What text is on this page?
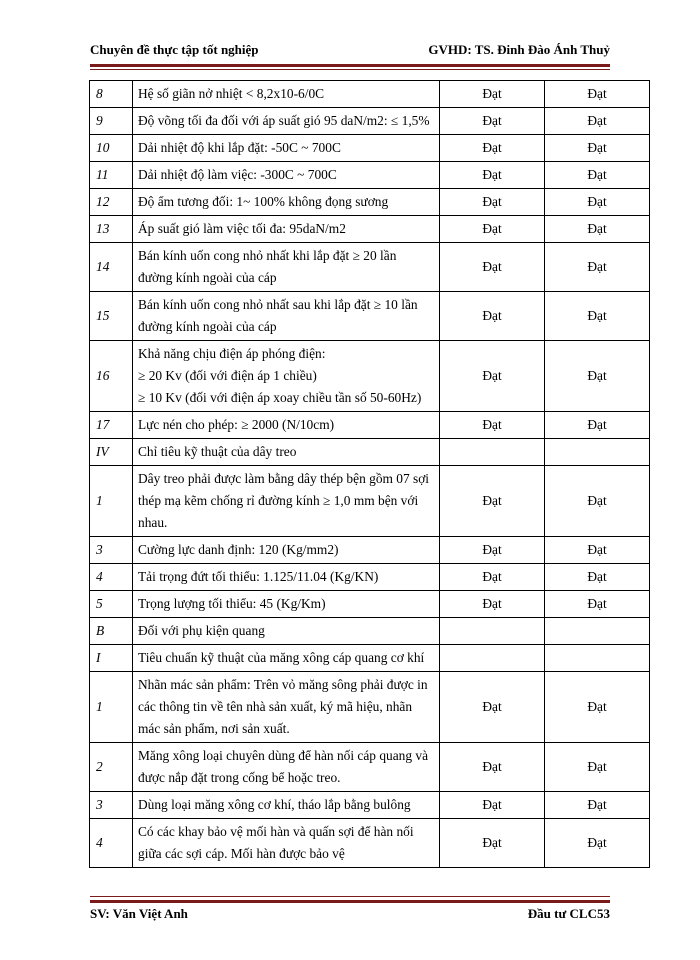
Chuyên đề thực tập tốt nghiệp	GVHD: TS. Đinh Đào Ánh Thuỷ
8	Hệ số giãn nở nhiệt < 8,2x10-6/0C	Đạt	Đạt
9	Độ võng tối đa đối với áp suất gió 95 daN/m2: ≤ 1,5%	Đạt	Đạt
10	Dải nhiệt độ khi lắp đặt: -50C ~ 700C	Đạt	Đạt
11	Dải nhiệt độ làm việc: -300C ~ 700C	Đạt	Đạt
12	Độ ẩm tương đối: 1~ 100% không đọng sương	Đạt	Đạt
13	Áp suất gió làm việc tối đa: 95daN/m2	Đạt	Đạt
14	Bán kính uốn cong nhỏ nhất khi lắp đặt ≥ 20 lần đường kính ngoài của cáp	Đạt	Đạt
15	Bán kính uốn cong nhỏ nhất sau khi lắp đặt ≥ 10 lần đường kính ngoài của cáp	Đạt	Đạt
16	Khả năng chịu điện áp phóng điện:
≥ 20 Kv (đối với điện áp 1 chiều)
≥ 10 Kv (đối với điện áp xoay chiều tần số 50-60Hz)	Đạt	Đạt
17	Lực nén cho phép: ≥ 2000 (N/10cm)	Đạt	Đạt
IV	Chỉ tiêu kỹ thuật của dây treo		
1	Dây treo phải được làm bằng dây thép bện gồm 07 sợi thép mạ kẽm chống rỉ đường kính ≥ 1,0 mm bện với nhau.	Đạt	Đạt
3	Cường lực danh định: 120 (Kg/mm2)	Đạt	Đạt
4	Tải trọng đứt tối thiểu: 1.125/11.04 (Kg/KN)	Đạt	Đạt
5	Trọng lượng tối thiểu: 45 (Kg/Km)	Đạt	Đạt
B	Đối với phụ kiện quang		
I	Tiêu chuẩn kỹ thuật của măng xông cáp quang cơ khí		
1	Nhãn mác sản phẩm: Trên vỏ măng sông phải được in các thông tin về tên nhà sản xuất, ký mã hiệu, nhãn mác sản phẩm, nơi sản xuất.	Đạt	Đạt
2	Măng xông loại chuyên dùng để hàn nối cáp quang và được nắp đặt trong cống bể hoặc treo.	Đạt	Đạt
3	Dùng loại măng xông cơ khí, tháo lắp bằng bulông	Đạt	Đạt
4	Có các khay bảo vệ mối hàn và quấn sợi để hàn nối giữa các sợi cáp. Mối hàn được bảo vệ	Đạt	Đạt
SV: Văn Việt Anh	Đầu tư CLC53
